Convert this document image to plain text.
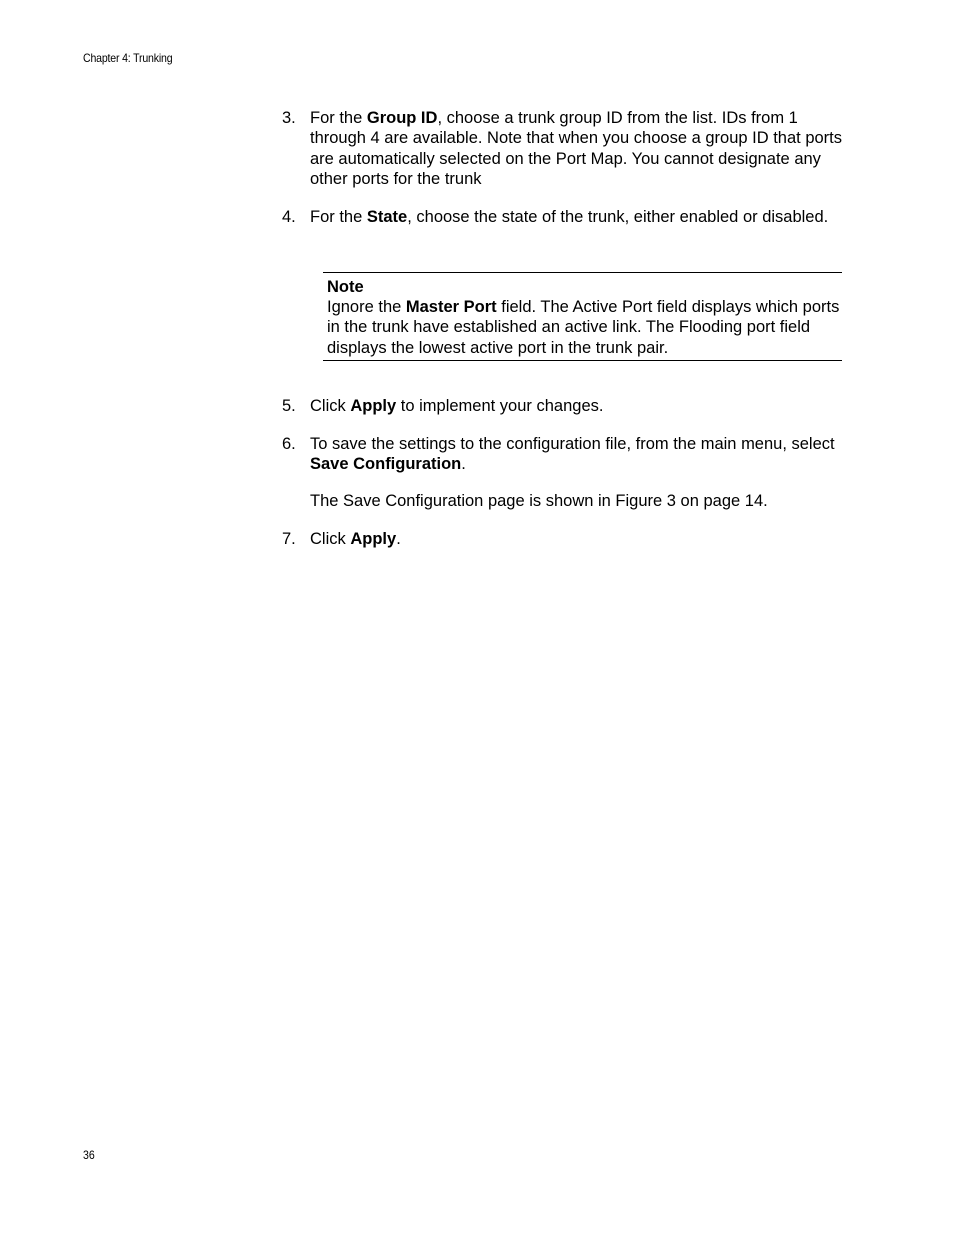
Chapter 4: Trunking
3. For the Group ID, choose a trunk group ID from the list. IDs from 1 through 4 are available. Note that when you choose a group ID that ports are automatically selected on the Port Map. You cannot designate any other ports for the trunk
4. For the State, choose the state of the trunk, either enabled or disabled.
Note
Ignore the Master Port field. The Active Port field displays which ports in the trunk have established an active link. The Flooding port field displays the lowest active port in the trunk pair.
5. Click Apply to implement your changes.
6. To save the settings to the configuration file, from the main menu, select Save Configuration.
The Save Configuration page is shown in Figure 3 on page 14.
7. Click Apply.
36
